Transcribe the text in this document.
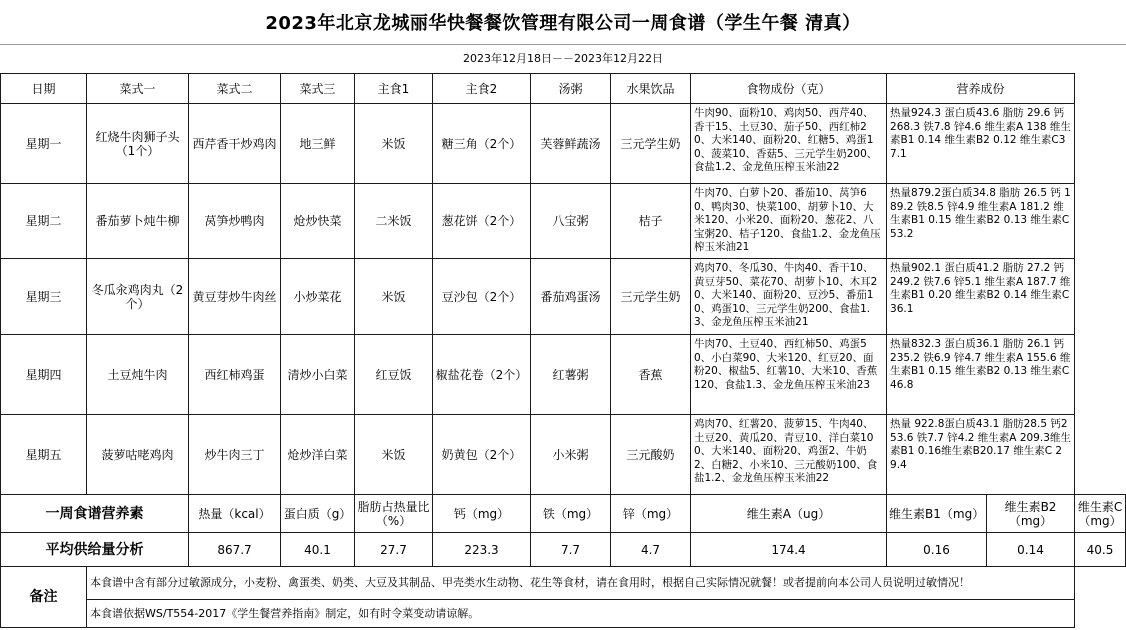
2023年北京龙城丽华快餐餐饮管理有限公司一周食谱（学生午餐 清真）
2023年12月18日－－2023年12月22日
日期	菜式一	菜式二	菜式三	主食1	主食2	汤粥	水果饮品	食物成份（克）	营养成份		
星期一	红烧牛肉狮子头（1个）	西芹香干炒鸡肉	地三鲜	米饭	糖三角（2个）	芙蓉鲜蔬汤	三元学生奶	牛肉90、面粉10、鸡肉50、西芹40、香干15、土豆30、茄子50、西红柿20、大米140、面粉20、红糖5、鸡蛋10、菠菜10、香菇5、三元学生奶200、食盐1.2、金龙鱼压榨玉米油22	热量924.3 蛋白质43.6 脂肪 29.6 钙 268.3 铁7.8 锌4.6 维生素A 138 维生素B1 0.14 维生素B2 0.12 维生素C37.1		
星期二	番茄萝卜炖牛柳	莴笋炒鸭肉	炝炒快菜	二米饭	葱花饼（2个）	八宝粥	桔子	牛肉70、白萝卜20、番茄10、莴笋60、鸭肉30、快菜100、胡萝卜10、大米120、小米20、面粉20、葱花2、八宝粥20、桔子120、食盐1.2、金龙鱼压榨玉米油21	热量879.2蛋白质34.8 脂肪 26.5 钙 189.2 铁8.5 锌4.9 维生素A 181.2 维生素B1 0.15 维生素B2 0.13 维生素C53.2		
星期三	冬瓜汆鸡肉丸（2个）	黄豆芽炒牛肉丝	小炒菜花	米饭	豆沙包（2个）	番茄鸡蛋汤	三元学生奶	鸡肉70、冬瓜30、牛肉40、香干10、黄豆芽50、菜花70、胡萝卜10、木耳20、大米140、面粉20、豆沙5、番茄10、鸡蛋10、三元学生奶200、食盐1.3、金龙鱼压榨玉米油21	热量902.1 蛋白质41.2 脂肪 27.2 钙 249.2 铁7.6 锌5.1 维生素A 187.7 维生素B1 0.20 维生素B2 0.14 维生素C36.1		
星期四	土豆炖牛肉	西红柿鸡蛋	清炒小白菜	红豆饭	椒盐花卷（2个）	红薯粥	香蕉	牛肉70、土豆40、西红柿50、鸡蛋50、小白菜90、大米120、红豆20、面粉20、椒盐5、红薯10、大米10、香蕉120、食盐1.3、金龙鱼压榨玉米油23	热量832.3 蛋白质36.1 脂肪 26.1 钙 235.2 铁6.9 锌4.7 维生素A 155.6 维生素B1 0.15 维生素B2 0.13 维生素C46.8		
星期五	菠萝咕咾鸡肉	炒牛肉三丁	炝炒洋白菜	米饭	奶黄包（2个）	小米粥	三元酸奶	鸡肉70、红薯20、菠萝15、牛肉40、土豆20、黄瓜20、青豆10、洋白菜100、大米140、面粉20、鸡蛋2、牛奶2、白糖2、小米10、三元酸奶100、食盐1.2、金龙鱼压榨玉米油22	热量 922.8蛋白质43.1 脂肪28.5 钙253.6 铁7.7 锌4.2 维生素A 209.3维生素B1 0.16维生素B20.17 维生素C 29.4		
一周食谱营养素		热量（kcal）	蛋白质（g）	脂肪占热量比（%）	钙（mg）	铁（mg）	锌（mg）	维生素A（ug）	维生素B1（mg）	维生素B2（mg）	维生素C（mg）
平均供给量分析		867.7	40.1	27.7	223.3	7.7	4.7	174.4	0.16	0.14	40.5
备注	本食谱中含有部分过敏源成分，小麦粉、禽蛋类、奶类、大豆及其制品、甲壳类水生动物、花生等食材，请在食用时，根据自己实际情况就餐！或者提前向本公司人员说明过敏情况！										
	本食谱依据WS/T554-2017《学生餐营养指南》制定，如有时令菜变动请谅解。										
